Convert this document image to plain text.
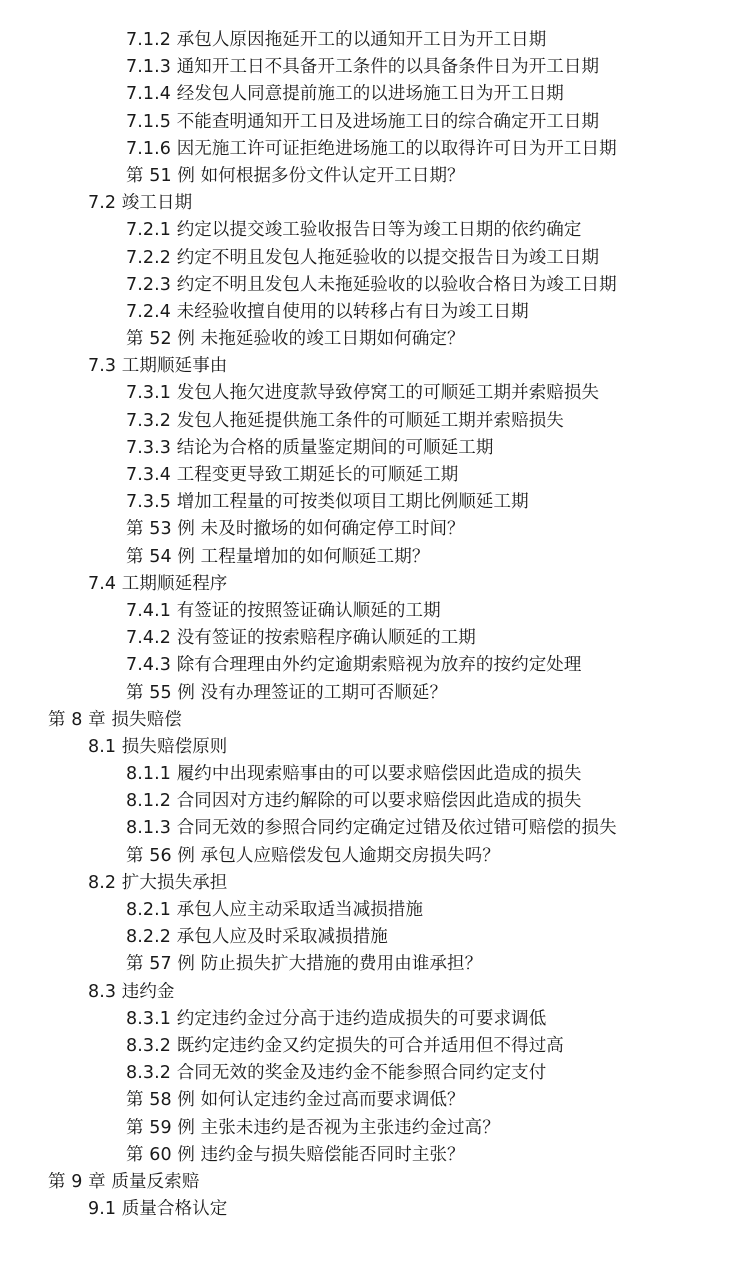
7.1.2 承包人原因拖延开工的以通知开工日为开工日期
7.1.3 通知开工日不具备开工条件的以具备条件日为开工日期
7.1.4 经发包人同意提前施工的以进场施工日为开工日期
7.1.5 不能查明通知开工日及进场施工日的综合确定开工日期
7.1.6 因无施工许可证拒绝进场施工的以取得许可日为开工日期
第 51 例 如何根据多份文件认定开工日期？
7.2 竣工日期
7.2.1 约定以提交竣工验收报告日等为竣工日期的依约确定
7.2.2 约定不明且发包人拖延验收的以提交报告日为竣工日期
7.2.3 约定不明且发包人未拖延验收的以验收合格日为竣工日期
7.2.4 未经验收擅自使用的以转移占有日为竣工日期
第 52 例 未拖延验收的竣工日期如何确定？
7.3 工期顺延事由
7.3.1 发包人拖欠进度款导致停窝工的可顺延工期并索赔损失
7.3.2 发包人拖延提供施工条件的可顺延工期并索赔损失
7.3.3 结论为合格的质量鉴定期间的可顺延工期
7.3.4 工程变更导致工期延长的可顺延工期
7.3.5 增加工程量的可按类似项目工期比例顺延工期
第 53 例 未及时撤场的如何确定停工时间？
第 54 例 工程量增加的如何顺延工期？
7.4 工期顺延程序
7.4.1 有签证的按照签证确认顺延的工期
7.4.2 没有签证的按索赔程序确认顺延的工期
7.4.3 除有合理理由外约定逾期索赔视为放弃的按约定处理
第 55 例 没有办理签证的工期可否顺延？
第 8 章 损失赔偿
8.1 损失赔偿原则
8.1.1 履约中出现索赔事由的可以要求赔偿因此造成的损失
8.1.2 合同因对方违约解除的可以要求赔偿因此造成的损失
8.1.3 合同无效的参照合同约定确定过错及依过错可赔偿的损失
第 56 例 承包人应赔偿发包人逾期交房损失吗？
8.2 扩大损失承担
8.2.1 承包人应主动采取适当减损措施
8.2.2 承包人应及时采取减损措施
第 57 例 防止损失扩大措施的费用由谁承担？
8.3 违约金
8.3.1 约定违约金过分高于违约造成损失的可要求调低
8.3.2 既约定违约金又约定损失的可合并适用但不得过高
8.3.2 合同无效的奖金及违约金不能参照合同约定支付
第 58 例 如何认定违约金过高而要求调低？
第 59 例 主张未违约是否视为主张违约金过高？
第 60 例 违约金与损失赔偿能否同时主张？
第 9 章 质量反索赔
9.1 质量合格认定
